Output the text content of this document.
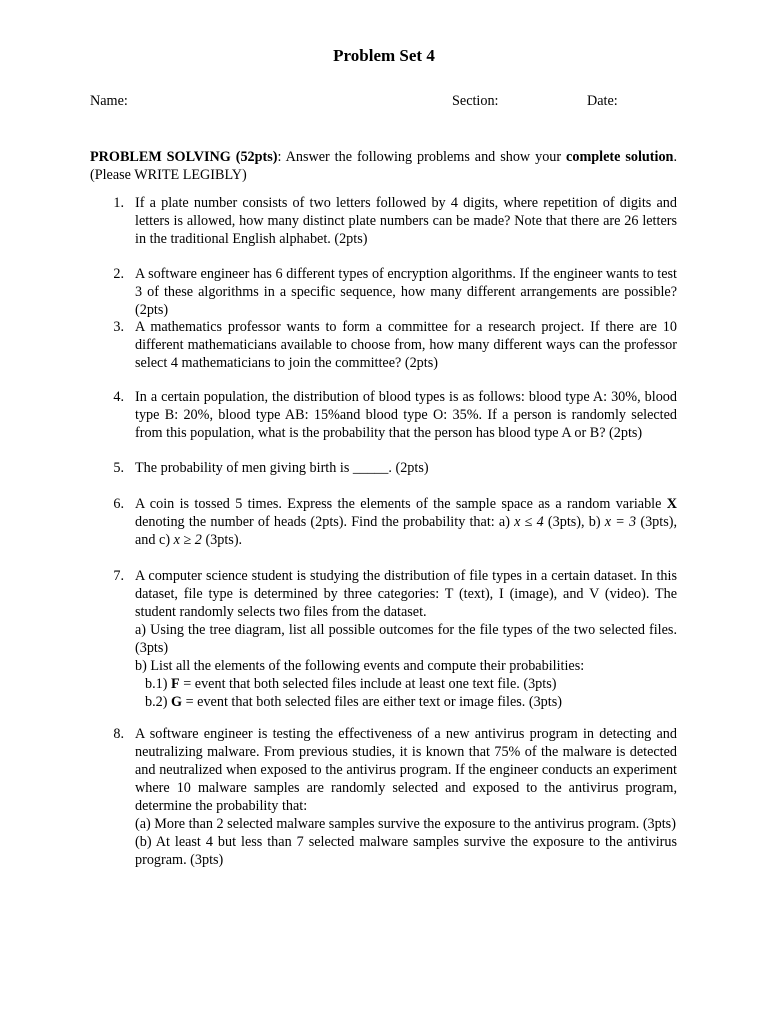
Problem Set 4
Name:	Section:	Date:
PROBLEM SOLVING (52pts): Answer the following problems and show your complete solution. (Please WRITE LEGIBLY)
1. If a plate number consists of two letters followed by 4 digits, where repetition of digits and letters is allowed, how many distinct plate numbers can be made? Note that there are 26 letters in the traditional English alphabet. (2pts)
2. A software engineer has 6 different types of encryption algorithms. If the engineer wants to test 3 of these algorithms in a specific sequence, how many different arrangements are possible? (2pts)
3. A mathematics professor wants to form a committee for a research project. If there are 10 different mathematicians available to choose from, how many different ways can the professor select 4 mathematicians to join the committee? (2pts)
4. In a certain population, the distribution of blood types is as follows: blood type A: 30%, blood type B: 20%, blood type AB: 15%and blood type O: 35%. If a person is randomly selected from this population, what is the probability that the person has blood type A or B? (2pts)
5. The probability of men giving birth is _____. (2pts)
6. A coin is tossed 5 times. Express the elements of the sample space as a random variable X denoting the number of heads (2pts). Find the probability that: a) x ≤ 4 (3pts), b) x = 3 (3pts), and c) x ≥ 2 (3pts).
7. A computer science student is studying the distribution of file types in a certain dataset. In this dataset, file type is determined by three categories: T (text), I (image), and V (video). The student randomly selects two files from the dataset.
a) Using the tree diagram, list all possible outcomes for the file types of the two selected files. (3pts)
b) List all the elements of the following events and compute their probabilities:
b.1) F = event that both selected files include at least one text file. (3pts)
b.2) G = event that both selected files are either text or image files. (3pts)
8. A software engineer is testing the effectiveness of a new antivirus program in detecting and neutralizing malware. From previous studies, it is known that 75% of the malware is detected and neutralized when exposed to the antivirus program. If the engineer conducts an experiment where 10 malware samples are randomly selected and exposed to the antivirus program, determine the probability that:
(a) More than 2 selected malware samples survive the exposure to the antivirus program. (3pts)
(b) At least 4 but less than 7 selected malware samples survive the exposure to the antivirus program. (3pts)
